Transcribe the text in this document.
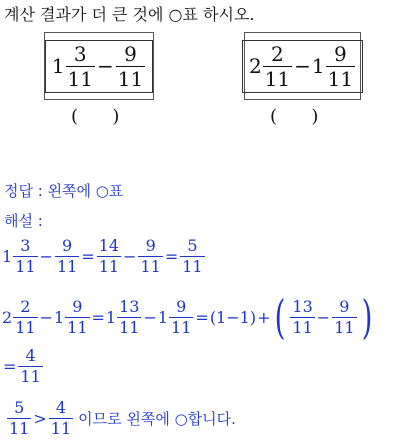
계산 결과가 더 큰 것에 ○표 하시오.
$1 \frac{3}{11} - \frac{9}{11}$	$2 \frac{2}{11} - 1 \frac{9}{11}$
(      )	(      )
정답 : 왼쪽에 ○표
해설 :
$1 \frac{3}{11} - \frac{9}{11} = \frac{14}{11} - \frac{9}{11} = \frac{5}{11}$
$2 \frac{2}{11} - 1 \frac{9}{11} = 1 \frac{13}{11} - 1 \frac{9}{11} = (1-1)$ + ( $\frac{13}{11} - \frac{9}{11}$ )
= $\frac{4}{11}$
$\frac{5}{11} > \frac{4}{11}$ 이므로 왼쪽에 ○합니다.
